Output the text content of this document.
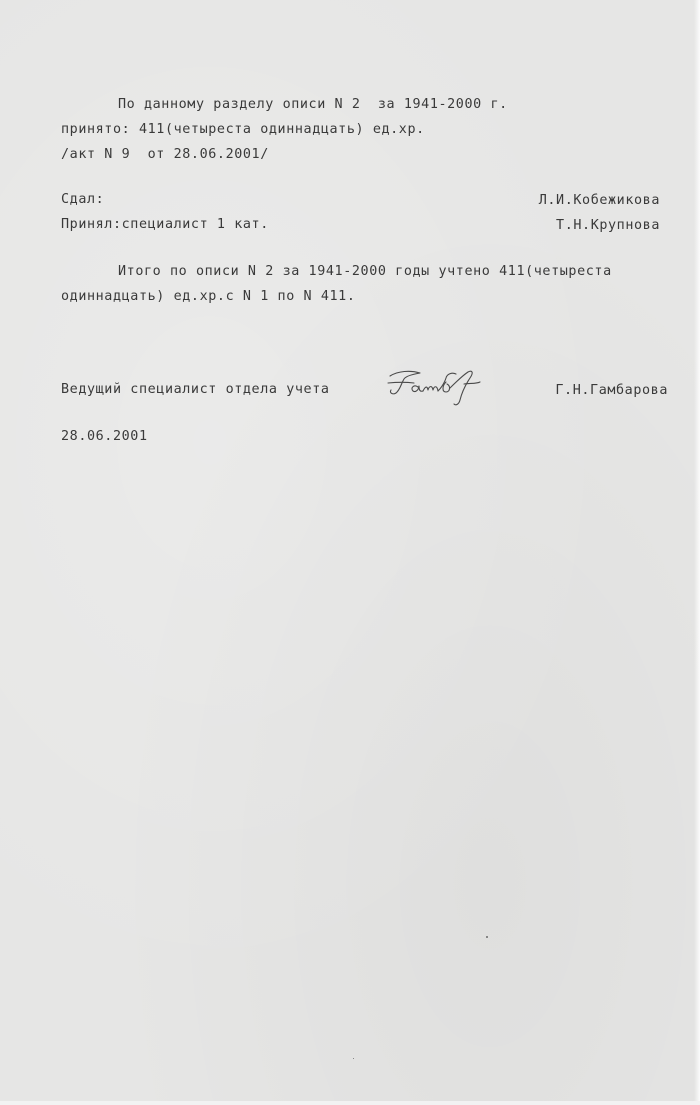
По данному разделу описи N 2  за 1941-2000 г.
принято: 411(четыреста одиннадцать) ед.хр.
/акт N 9  от 28.06.2001/
Сдал:	Л.И.Кобежикова
Принял:специалист 1 кат.	Т.Н.Крупнова
Итого по описи N 2 за 1941-2000 годы учтено 411(четыреста
одиннадцать) ед.хр.с N 1 по N 411.
Ведущий специалист отдела учета	Г.Н.Гамбарова
28.06.2001
